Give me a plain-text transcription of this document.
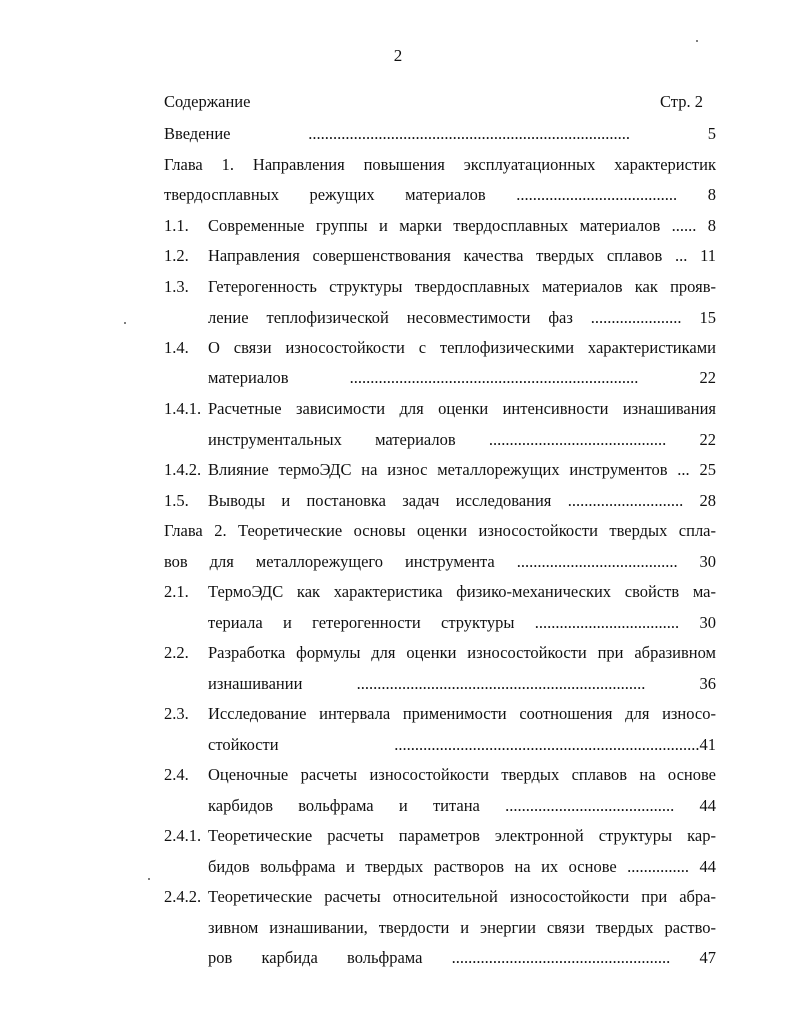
2
Содержание	Стр. 2
Введение .............................................................................. 5
Глава 1. Направления повышения эксплуатационных характеристик
твердосплавных режущих материалов ....................................... 8
1.1. Современные группы и марки твердосплавных материалов ...... 8
1.2. Направления совершенствования качества твердых сплавов ... 11
1.3. Гетерогенность структуры твердосплавных материалов как прояв-
ление теплофизической несовместимости фаз ...................... 15
1.4. О связи износостойкости с теплофизическими характеристиками
материалов ...................................................................... 22
1.4.1. Расчетные зависимости для оценки интенсивности изнашивания
инструментальных материалов ........................................... 22
1.4.2. Влияние термоЭДС на износ металлорежущих инструментов ... 25
1.5. Выводы и постановка задач исследования ............................ 28
Глава 2. Теоретические основы оценки износостойкости твердых спла-
вов для металлорежущего инструмента ....................................... 30
2.1. ТермоЭДС как характеристика физико-механических свойств ма-
териала и гетерогенности структуры ................................... 30
2.2. Разработка формулы для оценки износостойкости при абразивном
изнашивании ...................................................................... 36
2.3. Исследование интервала применимости соотношения для износо-
стойкости ..........................................................................41
2.4. Оценочные расчеты износостойкости твердых сплавов на основе
карбидов вольфрама и титана ......................................... 44
2.4.1. Теоретические расчеты параметров электронной структуры кар-
бидов вольфрама и твердых растворов на их основе ............... 44
2.4.2. Теоретические расчеты относительной износостойкости при абра-
зивном изнашивании, твердости и энергии связи твердых раство-
ров карбида вольфрама ..................................................... 47
